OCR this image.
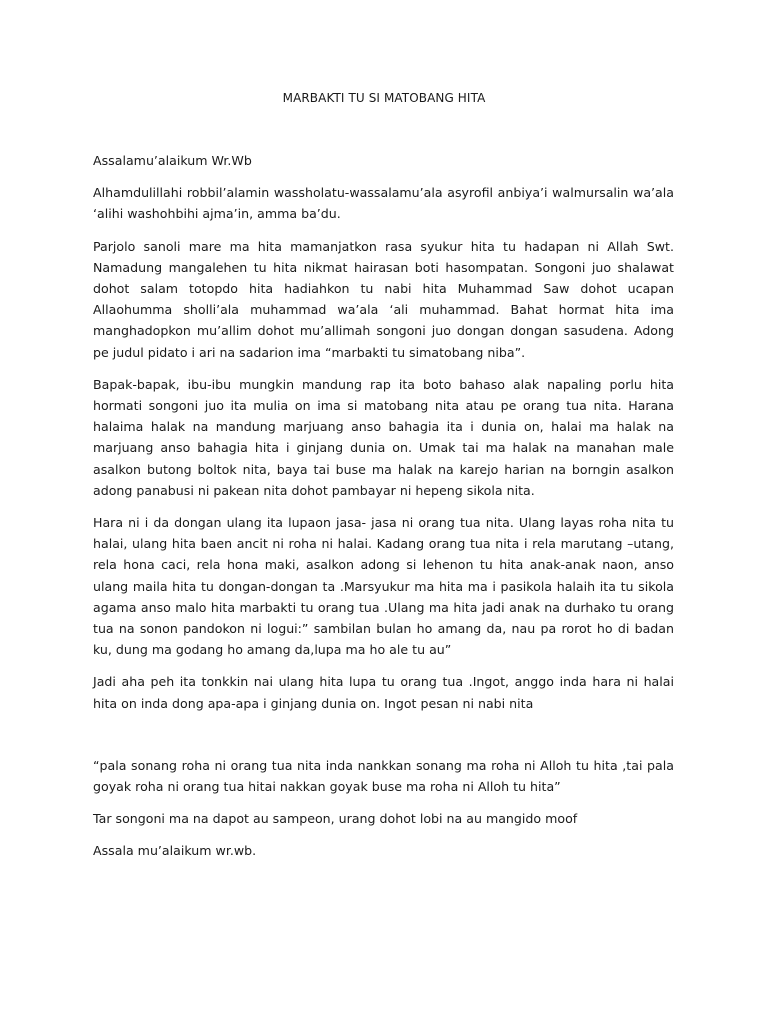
MARBAKTI TU SI MATOBANG HITA

Assalamu’alaikum Wr.Wb

Alhamdulillahi robbil’alamin wassholatu-wassalamu’ala asyrofil anbiya’i walmursalin wa’ala ‘alihi washohbihi ajma’in, amma ba’du.

Parjolo sanoli mare ma hita mamanjatkon rasa syukur hita tu hadapan ni Allah Swt. Namadung mangalehen tu hita nikmat hairasan boti hasompatan. Songoni juo shalawat dohot salam totopdo hita hadiahkon tu nabi hita Muhammad Saw dohot ucapan Allaohumma sholli’ala muhammad wa’ala ‘ali muhammad. Bahat hormat hita ima manghadopkon mu’allim dohot mu’allimah songoni juo dongan dongan sasudena. Adong pe judul pidato i ari na sadarion ima “marbakti tu simatobang niba”.

Bapak-bapak, ibu-ibu mungkin mandung rap ita boto bahaso alak napaling porlu hita hormati songoni juo ita mulia on ima si matobang nita atau pe orang tua nita. Harana halaima halak na mandung marjuang anso bahagia ita i dunia on, halai ma halak na marjuang anso bahagia hita i ginjang dunia on. Umak tai ma halak na manahan male asalkon butong boltok nita, baya tai buse ma halak na karejo harian na borngin asalkon adong panabusi ni pakean nita dohot pambayar ni hepeng sikola nita.

Hara ni i da dongan ulang ita lupaon jasa- jasa ni orang tua nita. Ulang layas roha nita tu halai, ulang hita baen ancit ni roha ni halai. Kadang orang tua nita i rela marutang –utang, rela hona caci, rela hona maki, asalkon adong si lehenon tu hita anak-anak naon, anso ulang maila hita tu dongan-dongan ta .Marsyukur ma hita ma i pasikola halaih ita tu sikola agama anso malo hita marbakti tu orang tua .Ulang ma hita jadi anak na durhako tu orang tua na sonon pandokon ni logui:” sambilan bulan ho amang da, nau pa rorot ho di badan ku, dung ma godang ho amang da,lupa ma ho ale tu au”

Jadi aha peh ita tonkkin nai ulang hita lupa tu orang tua .Ingot, anggo inda hara ni halai hita on inda dong apa-apa i ginjang dunia on. Ingot pesan ni nabi nita

“pala sonang roha ni orang tua nita inda nankkan sonang ma roha ni Alloh tu hita ,tai pala goyak roha ni orang tua hitai nakkan goyak buse ma roha ni Alloh tu hita”

Tar songoni ma na dapot au sampeon, urang dohot lobi na au mangido moof

Assala mu’alaikum wr.wb.
